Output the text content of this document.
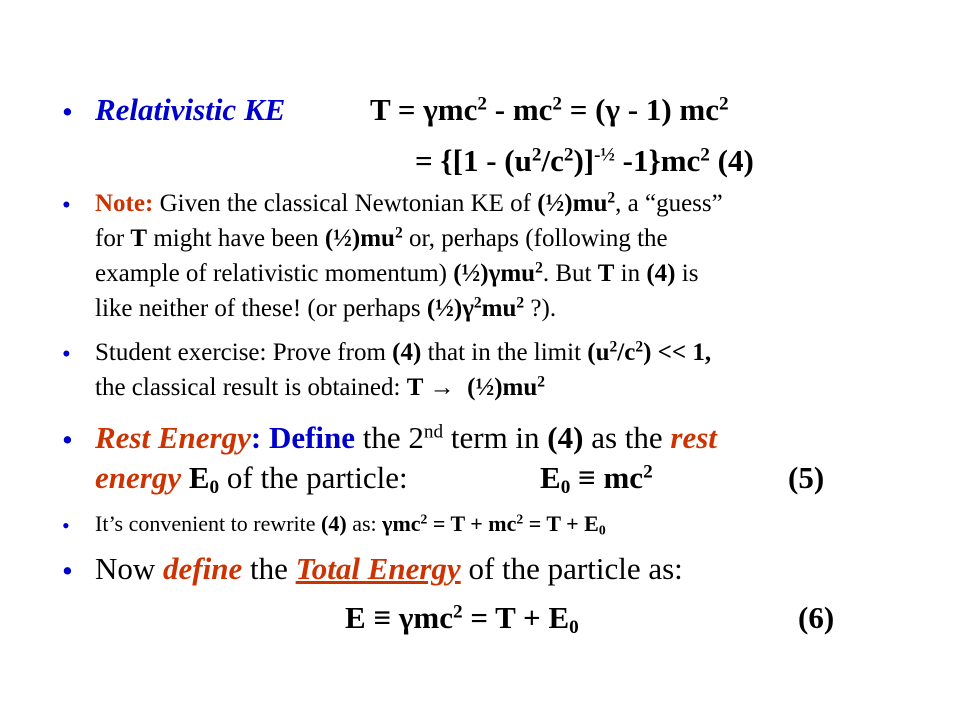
• Relativistic KE	$T = \gamma mc^2 - mc^2 = (\gamma - 1)$ $mc^2$
= {$[1 - (u^2/c^2)]^{-\frac{1}{2}}$ $-1\}mc^2$ (4)
• Note: Given the classical Newtonian KE of $(\frac{1}{2})mu^2$, a “guess”
for T might have been $(\frac{1}{2})mu^2$ or, perhaps (following the
example of relativistic momentum) (½)γmu$^2$. But T in (4) is
like neither of these! (or perhaps $(\frac{1}{2})\gamma^2mu^2$ ?).
• Student exercise: Prove from (4) that in the limit $(u^2/c^2) << 1$,
the classical result is obtained: $T \to (\frac{1}{2})mu^2$
• Rest Energy: Define the 2nd term in (4) as the rest
energy $E_0$ of the particle:	$E_0 \equiv mc^2$	(5)
• It’s convenient to rewrite (4) as: $\gamma mc^2 = T + mc^2 = T + E_0$
• Now define the Total Energy of the particle as:
$E \equiv \gamma mc^2 = T + E_0$	(6)
